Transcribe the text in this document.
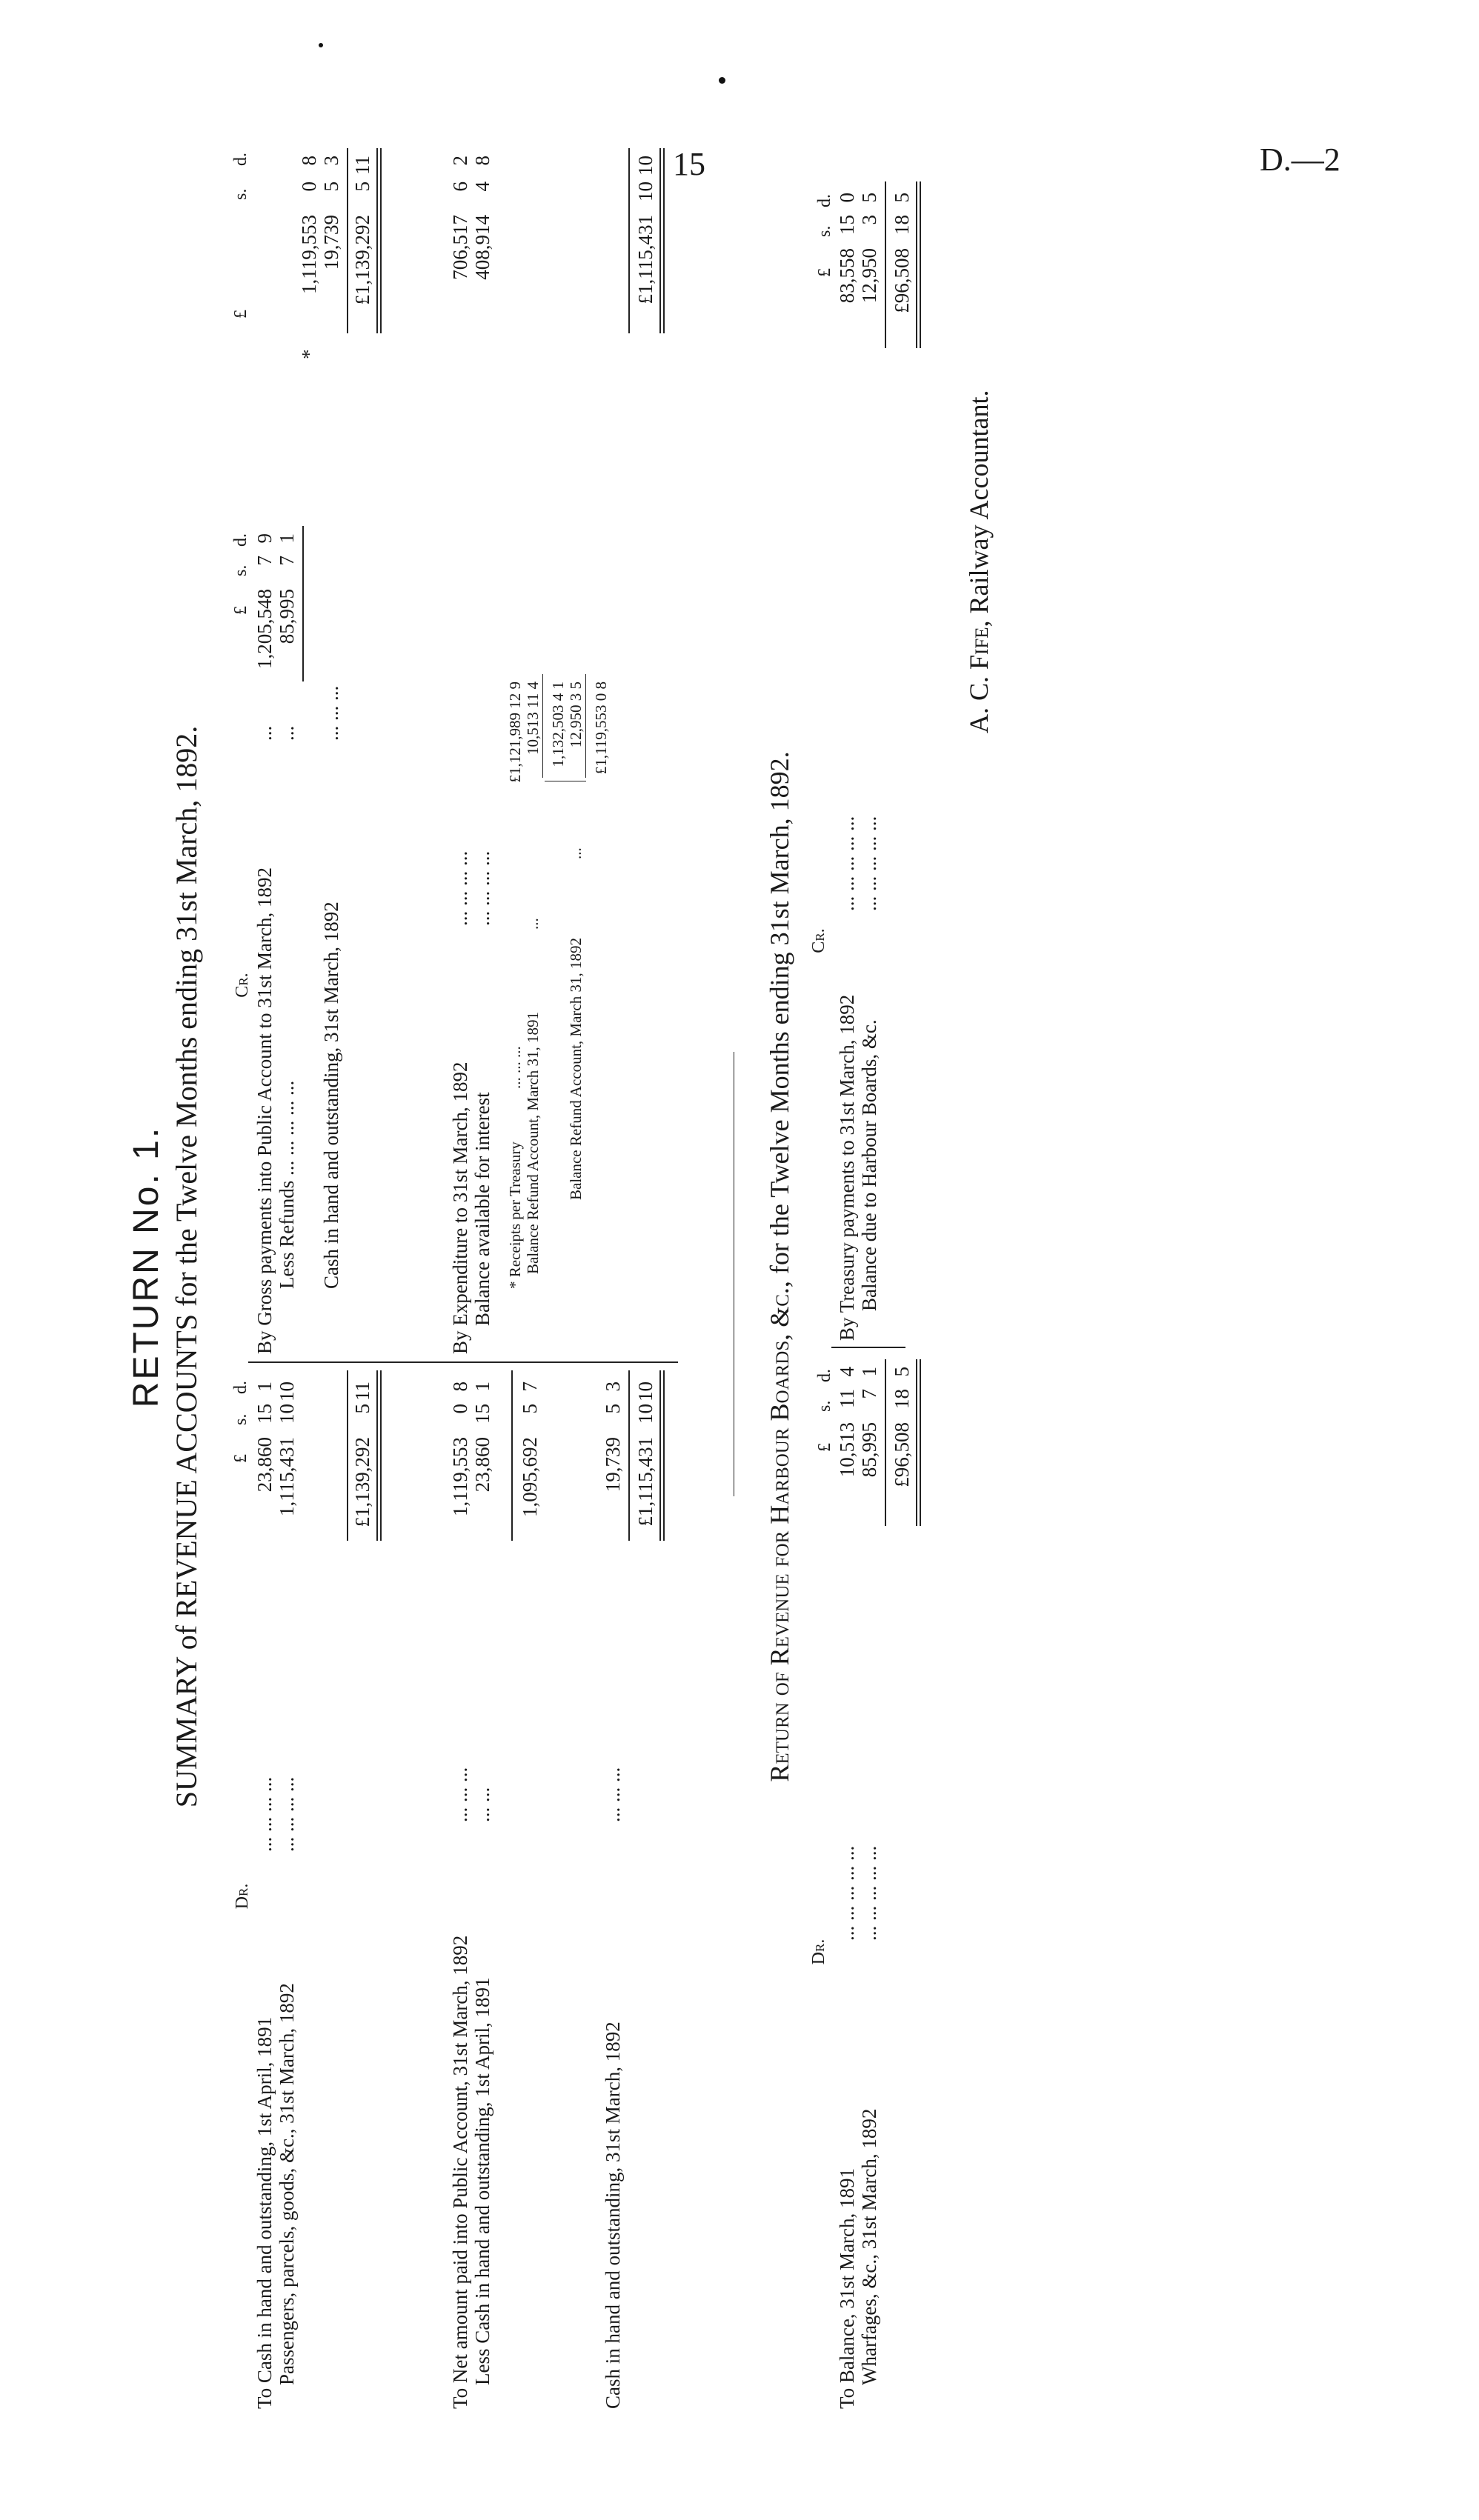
15	D.—2
RETURN No. 1. SUMMARY of REVENUE ACCOUNTS for the Twelve Months ending 31st March, 1892.
Dr.
£
s.
d.
To Cash in hand and outstanding, 1st April, 1891
... ... ... ...
23,860
15
1
Passengers, parcels, goods, &c., 31st March, 1892
... ... ... ...
1,115,431
10
10
£1,139,292
5
11
To Net amount paid into Public Account, 31st March, 1892
... ... ...
1,119,553
0
8
Less Cash in hand and outstanding, 1st April, 1891
... ...
23,860
15
1
1,095,692
5
7
Cash in hand and outstanding, 31st March, 1892
... ... ...
19,739
5
3
£1,115,431
10
10
Cr.
£
s.
d.
£
s.
d.
By Gross payments into Public Account to 31st March, 1892
...
1,205,548
7
9
Less Refunds ... ... ... ... ...
...
85,995
7
1
*
1,119,553
0
8
Cash in hand and outstanding, 31st March, 1892
... ... ...
19,739
5
3
£1,139,292
5
11
By Expenditure to 31st March, 1892
... ... ... ...
706,517
6
2
Balance available for interest
... ... ... ...
408,914
4
8
* Receipts per Treasury
... ... ...
£1,121,989 12 9
Balance Refund Account, March 31, 1891
...
10,513 11 4 1,132,503 4 1
Balance Refund Account, March 31, 1892
...
12,950 3 5 £1,119,553 0 8
£1,115,431
10
10
Return of Revenue for Harbour Boards, &c., for the Twelve Months ending 31st March, 1892.
Dr.
Cr.
£
s.
d.
£
s.
d.
To Balance, 31st March, 1891
... ... ... ... ...
10,513
11
4
Wharfages, &c., 31st March, 1892
... ... ... ... ...
85,995
7
1
£96,508
18
5
By Treasury payments to 31st March, 1892
... ... ... ... ...
83,558
15
0
Balance due to Harbour Boards, &c.
... ... ... ... ...
12,950
3
5
£96,508
18
5
A. C. Fife, Railway Accountant.
